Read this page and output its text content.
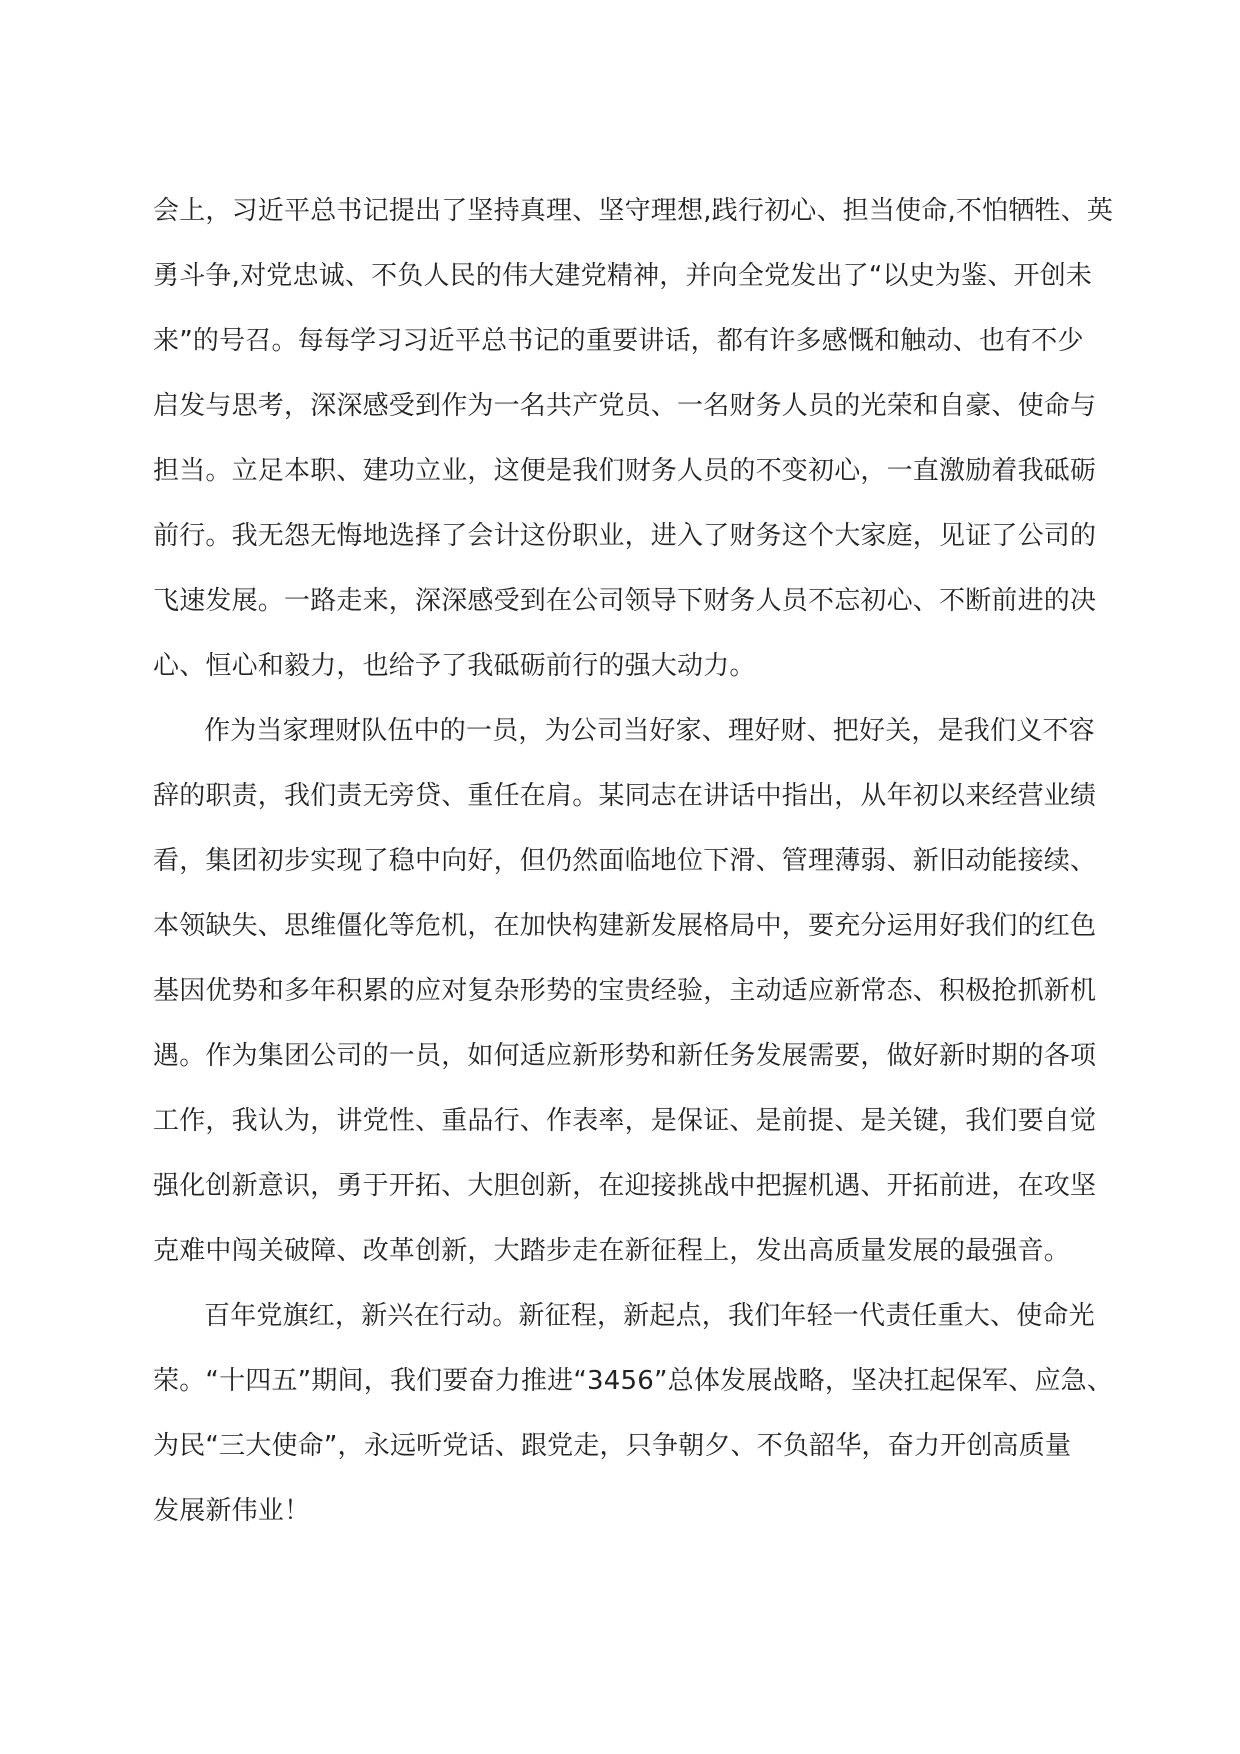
会上，习近平总书记提出了坚持真理、坚守理想,践行初心、担当使命,不怕牺牲、英
勇斗争,对党忠诚、不负人民的伟大建党精神，并向全党发出了“以史为鉴、开创未
来”的号召。每每学习习近平总书记的重要讲话，都有许多感慨和触动、也有不少
启发与思考，深深感受到作为一名共产党员、一名财务人员的光荣和自豪、使命与
担当。立足本职、建功立业，这便是我们财务人员的不变初心，一直激励着我砥砺
前行。我无怨无悔地选择了会计这份职业，进入了财务这个大家庭，见证了公司的
飞速发展。一路走来，深深感受到在公司领导下财务人员不忘初心、不断前进的决
心、恒心和毅力，也给予了我砥砺前行的强大动力。
作为当家理财队伍中的一员，为公司当好家、理好财、把好关，是我们义不容
辞的职责，我们责无旁贷、重任在肩。某同志在讲话中指出，从年初以来经营业绩
看，集团初步实现了稳中向好，但仍然面临地位下滑、管理薄弱、新旧动能接续、
本领缺失、思维僵化等危机，在加快构建新发展格局中，要充分运用好我们的红色
基因优势和多年积累的应对复杂形势的宝贵经验，主动适应新常态、积极抢抓新机
遇。作为集团公司的一员，如何适应新形势和新任务发展需要，做好新时期的各项
工作，我认为，讲党性、重品行、作表率，是保证、是前提、是关键，我们要自觉
强化创新意识，勇于开拓、大胆创新，在迎接挑战中把握机遇、开拓前进，在攻坚
克难中闯关破障、改革创新，大踏步走在新征程上，发出高质量发展的最强音。
百年党旗红，新兴在行动。新征程，新起点，我们年轻一代责任重大、使命光
荣。“十四五”期间，我们要奋力推进“3456”总体发展战略，坚决扛起保军、应急、
为民“三大使命”，永远听党话、跟党走，只争朝夕、不负韶华，奋力开创高质量
发展新伟业！
